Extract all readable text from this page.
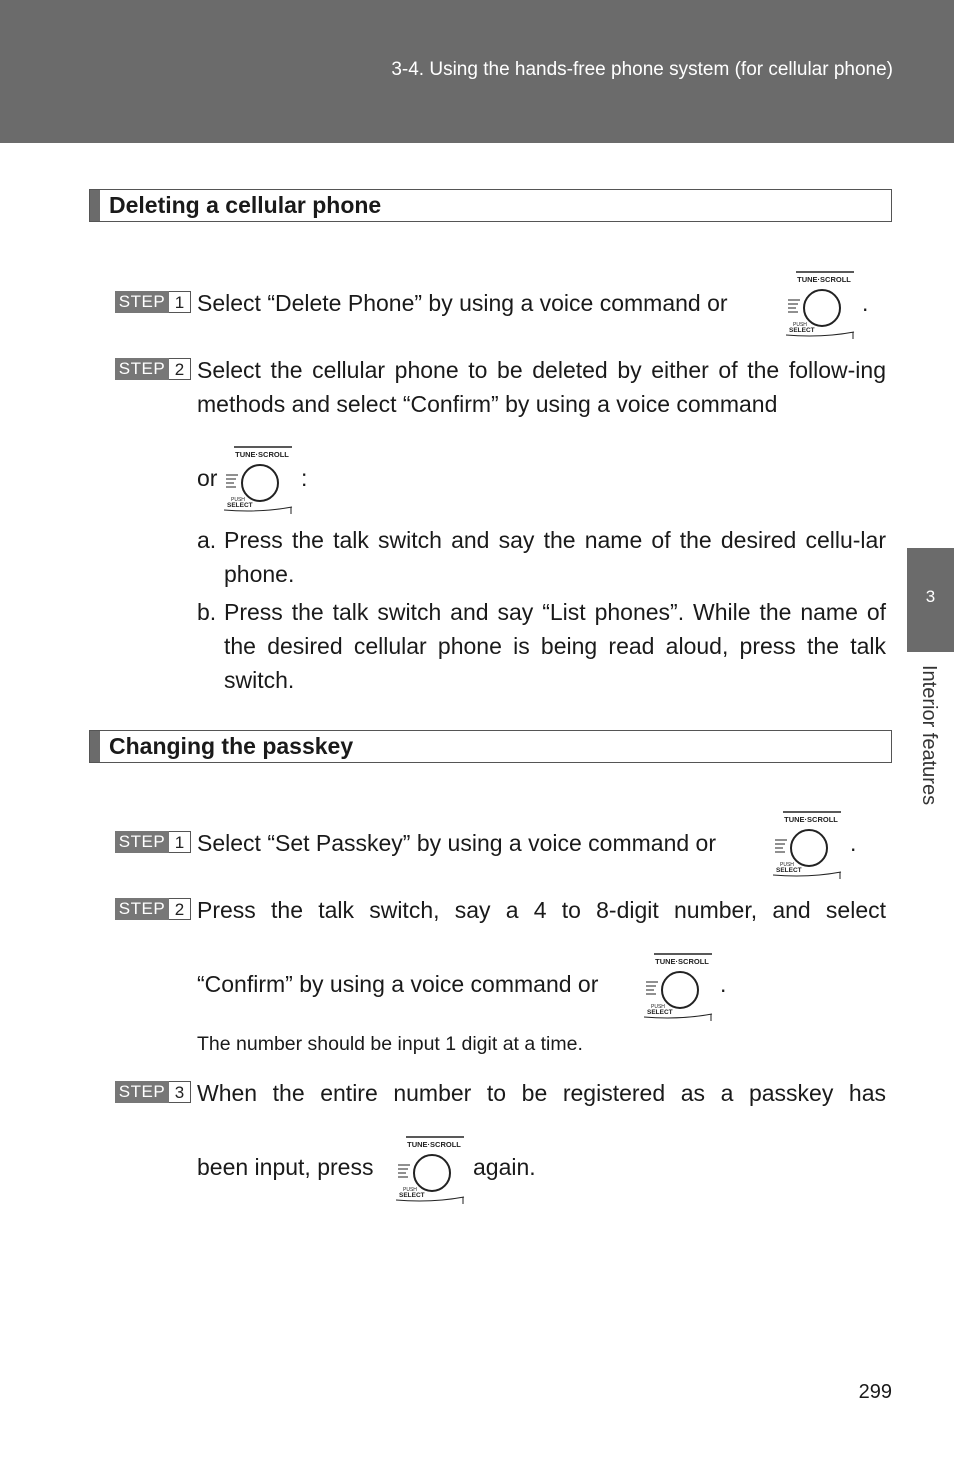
3-4. Using the hands-free phone system (for cellular phone)
Deleting a cellular phone
STEP 1 Select “Delete Phone” by using a voice command or
TUNE·SCROLL
PUSH
SELECT
.
STEP 2 Select the cellular phone to be deleted by either of the follow-ing methods and select “Confirm” by using a voice command
or
TUNE·SCROLL
PUSH
SELECT
:
a. Press the talk switch and say the name of the desired cellu-lar phone.
b. Press the talk switch and say “List phones”. While the name of the desired cellular phone is being read aloud, press the talk switch.
Changing the passkey
STEP 1 Select “Set Passkey” by using a voice command or
TUNE·SCROLL
PUSH
SELECT
.
STEP 2 Press the talk switch, say a 4 to 8-digit number, and select
“Confirm” by using a voice command or
TUNE·SCROLL
PUSH
SELECT
.
The number should be input 1 digit at a time.
STEP 3 When the entire number to be registered as a passkey has
been input, press
TUNE·SCROLL
PUSH
SELECT
again.
3
Interior features
299
